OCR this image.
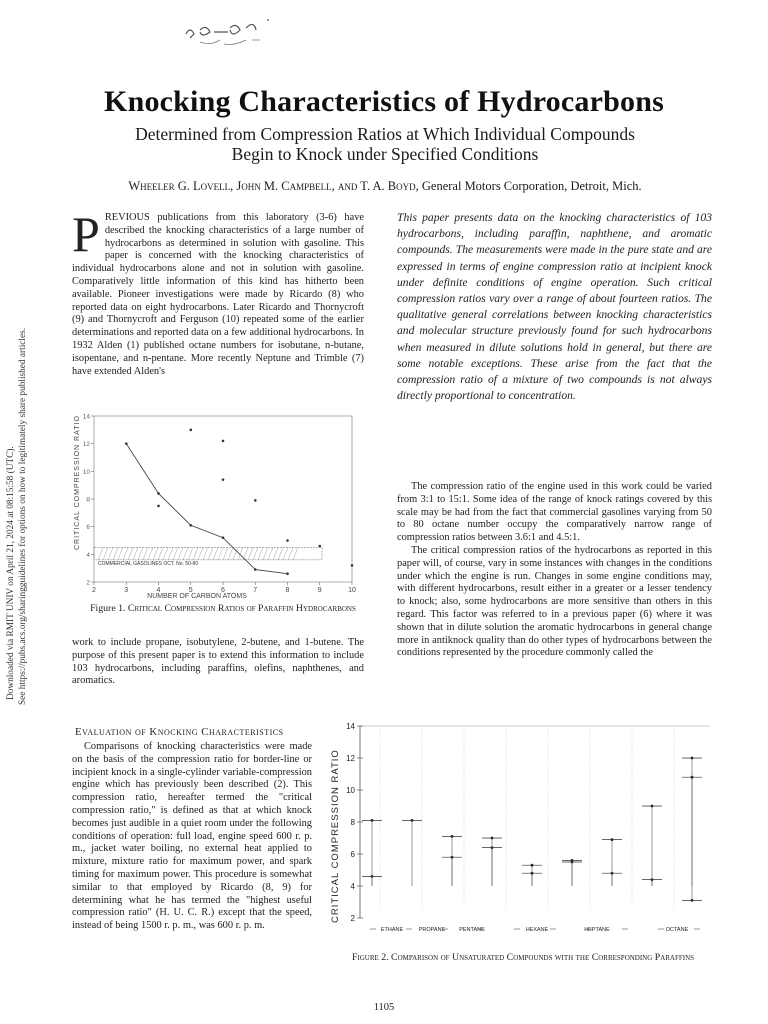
Downloaded via RMIT UNIV on April 21, 2024 at 08:15:58 (UTC). See https://pubs.acs.org/sharingguidelines for options on how to legitimately share published articles.
Knocking Characteristics of Hydrocarbons
Determined from Compression Ratios at Which Individual Compounds
Begin to Knock under Specified Conditions
Wheeler G. Lovell, John M. Campbell, and T. A. Boyd, General Motors Corporation, Detroit, Mich.
P REVIOUS publications from this laboratory (3-6) have described the knocking characteristics of a large number of hydrocarbons as determined in solution with gasoline. This paper is concerned with the knocking characteristics of individual hydrocarbons alone and not in solution with gasoline. Comparatively little information of this kind has hitherto been available. Pioneer investigations were made by Ricardo (8) who reported data on eight hydrocarbons. Later Ricardo and Thornycroft (9) and Thornycroft and Ferguson (10) repeated some of the earlier determinations and reported data on a few additional hydrocarbons. In 1932 Alden (1) published octane numbers for isobutane, n-butane, isopentane, and n-pentane. More recently Neptune and Trimble (7) have extended Alden's
This paper presents data on the knocking characteristics of 103 hydrocarbons, including paraffin, naphthene, and aromatic compounds. The measurements were made in the pure state and are expressed in terms of engine compression ratio at incipient knock under definite conditions of engine operation. Such critical compression ratios vary over a range of about fourteen ratios. The qualitative general correlations between knocking characteristics and molecular structure previously found for such hydrocarbons when measured in dilute solutions hold in general, but there are some notable exceptions. These arise from the fact that the compression ratio of a mixture of two compounds is not always directly proportional to concentration.

The compression ratio of the engine used in this work could be varied from 3:1 to 15:1. Some idea of the range of knock ratings covered by this scale may be had from the fact that commercial gasolines varying from 50 to 80 octane number occupy the comparatively narrow range of compression ratios between 3.6:1 and 4.5:1.

The critical compression ratios of the hydrocarbons as reported in this paper will, of course, vary in some instances with changes in the conditions under which the engine is run. Changes in some engine conditions may, with different hydrocarbons, result either in a greater or a lesser tendency to knock; also, some hydrocarbons are more sensitive than others in this regard. This factor was referred to in a previous paper (6) where it was shown that in dilute solution the aromatic hydrocarbons in general change more in antiknock quality than do other types of hydrocarbons between the conditions represented by the procedure commonly called the

CRITICAL COMPRESSION RATIO
NUMBER OF CARBON ATOMS
2	3	4	5	6	7	8	9	10
2
4
6
8
10
12
14
COMMERCIAL GASOLINES OCT. No. 50-80
Figure 1. Critical Compression Ratios of Paraffin Hydrocarbons
work to include propane, isobutylene, 2-butene, and 1-butene. The purpose of this present paper is to extend this information to include 103 hydrocarbons, including paraffins, olefins, naphthenes, and aromatics.
Evaluation of Knocking Characteristics

Comparisons of knocking characteristics were made on the basis of the compression ratio for border-line or incipient knock in a single-cylinder variable-compression engine which has previously been described (2). This compression ratio, hereafter termed the "critical compression ratio," is defined as that at which knock becomes just audible in a quiet room under the following conditions of operation: full load, engine speed 600 r. p. m., jacket water boiling, no external heat applied to mixture, mixture ratio for maximum power, and spark timing for maximum power. This procedure is somewhat similar to that employed by Ricardo (8, 9) for determining what he has termed the "highest useful compression ratio" (H. U. C. R.) except that the speed, instead of being 1500 r. p. m., was 600 r. p. m.

CRITICAL COMPRESSION RATIO 2
4
6
8
10
12
14
ETHANE	PROPANE	PENTANE	HEXANE	HEPTANE	OCTANE
Figure 2. Comparison of Unsaturated Compounds with the Corresponding Paraffins
1105
